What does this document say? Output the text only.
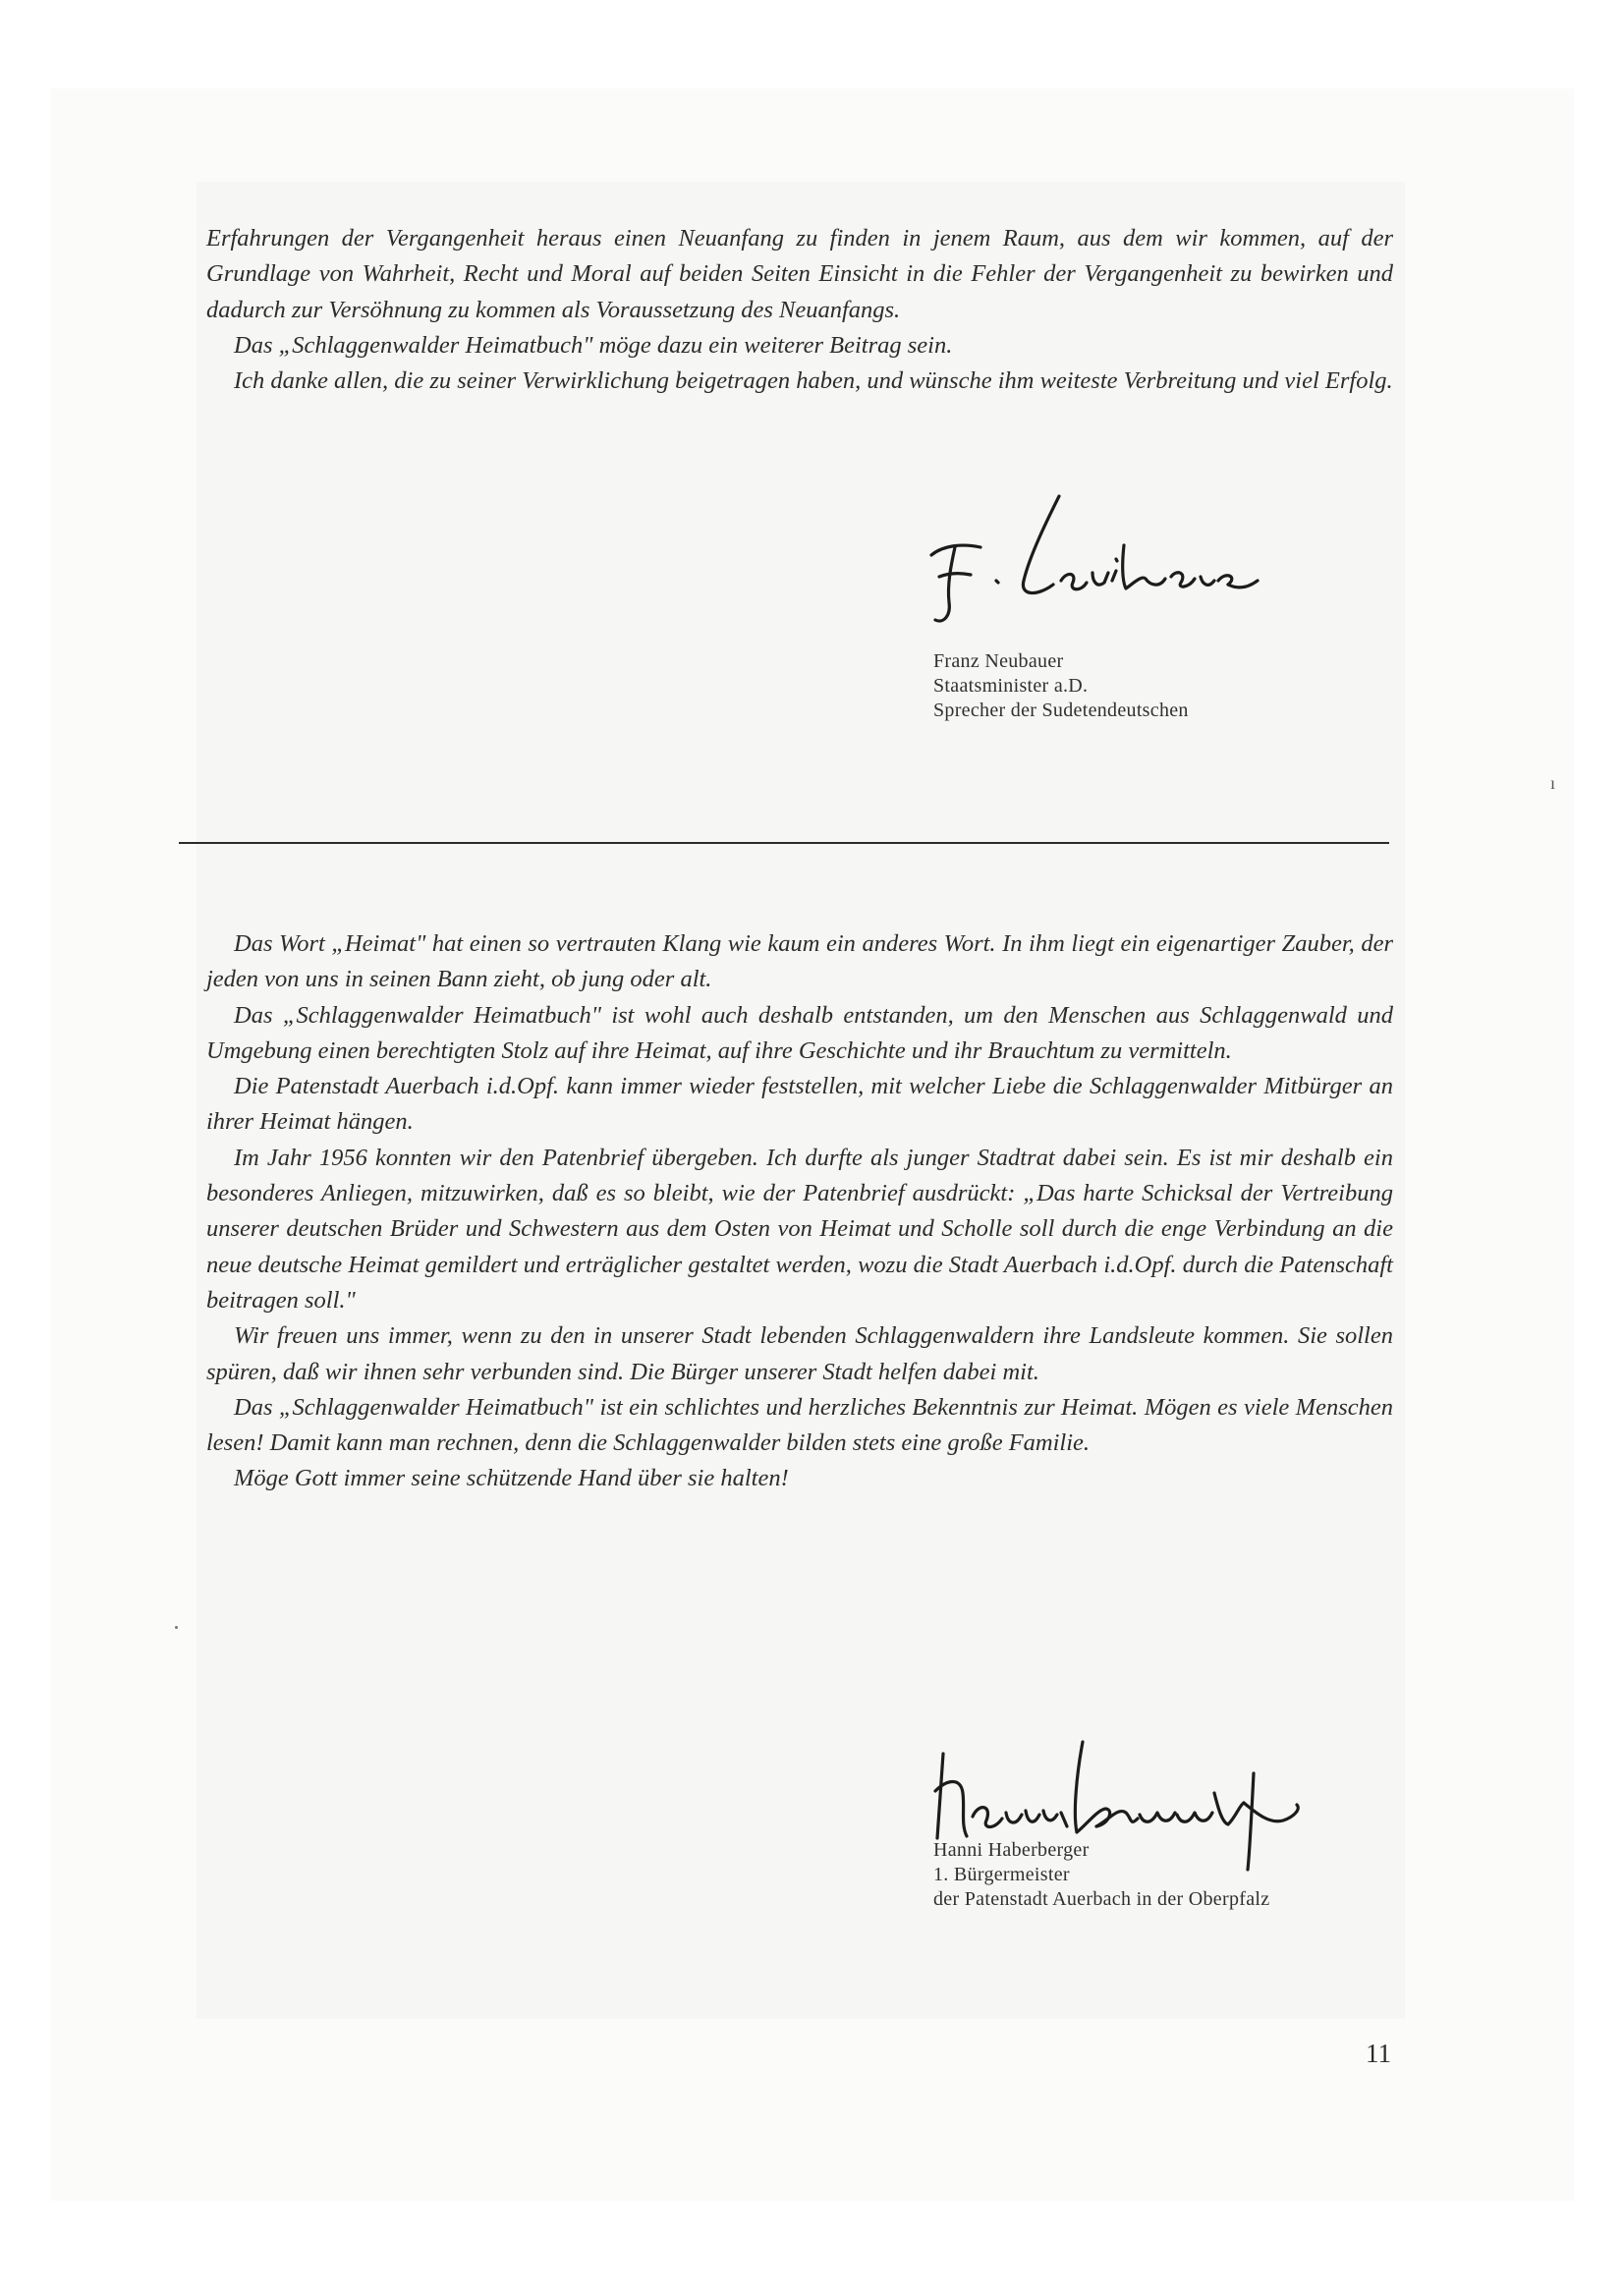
Erfahrungen der Vergangenheit heraus einen Neuanfang zu finden in jenem Raum, aus dem wir kommen, auf der Grundlage von Wahrheit, Recht und Moral auf beiden Seiten Einsicht in die Fehler der Vergangenheit zu bewirken und dadurch zur Versöhnung zu kommen als Voraussetzung des Neuanfangs.

Das „Schlaggenwalder Heimatbuch" möge dazu ein weiterer Beitrag sein.

Ich danke allen, die zu seiner Verwirklichung beigetragen haben, und wünsche ihm weiteste Verbreitung und viel Erfolg.

Franz Neubauer
Staatsminister a.D.
Sprecher der Sudetendeutschen
ı

Das Wort „Heimat" hat einen so vertrauten Klang wie kaum ein anderes Wort. In ihm liegt ein eigenartiger Zauber, der jeden von uns in seinen Bann zieht, ob jung oder alt.

Das „Schlaggenwalder Heimatbuch" ist wohl auch deshalb entstanden, um den Menschen aus Schlaggenwald und Umgebung einen berechtigten Stolz auf ihre Heimat, auf ihre Geschichte und ihr Brauchtum zu vermitteln.

Die Patenstadt Auerbach i.d.Opf. kann immer wieder feststellen, mit welcher Liebe die Schlaggenwalder Mitbürger an ihrer Heimat hängen.

Im Jahr 1956 konnten wir den Patenbrief übergeben. Ich durfte als junger Stadtrat dabei sein. Es ist mir deshalb ein besonderes Anliegen, mitzuwirken, daß es so bleibt, wie der Patenbrief ausdrückt: „Das harte Schicksal der Vertreibung unserer deutschen Brüder und Schwestern aus dem Osten von Heimat und Scholle soll durch die enge Verbindung an die neue deutsche Heimat gemildert und erträglicher gestaltet werden, wozu die Stadt Auerbach i.d.Opf. durch die Patenschaft beitragen soll."

Wir freuen uns immer, wenn zu den in unserer Stadt lebenden Schlaggenwaldern ihre Landsleute kommen. Sie sollen spüren, daß wir ihnen sehr verbunden sind. Die Bürger unserer Stadt helfen dabei mit.

Das „Schlaggenwalder Heimatbuch" ist ein schlichtes und herzliches Bekenntnis zur Heimat. Mögen es viele Menschen lesen! Damit kann man rechnen, denn die Schlaggenwalder bilden stets eine große Familie.

Möge Gott immer seine schützende Hand über sie halten!

Hanni Haberberger
1. Bürgermeister
der Patenstadt Auerbach in der Oberpfalz
11
